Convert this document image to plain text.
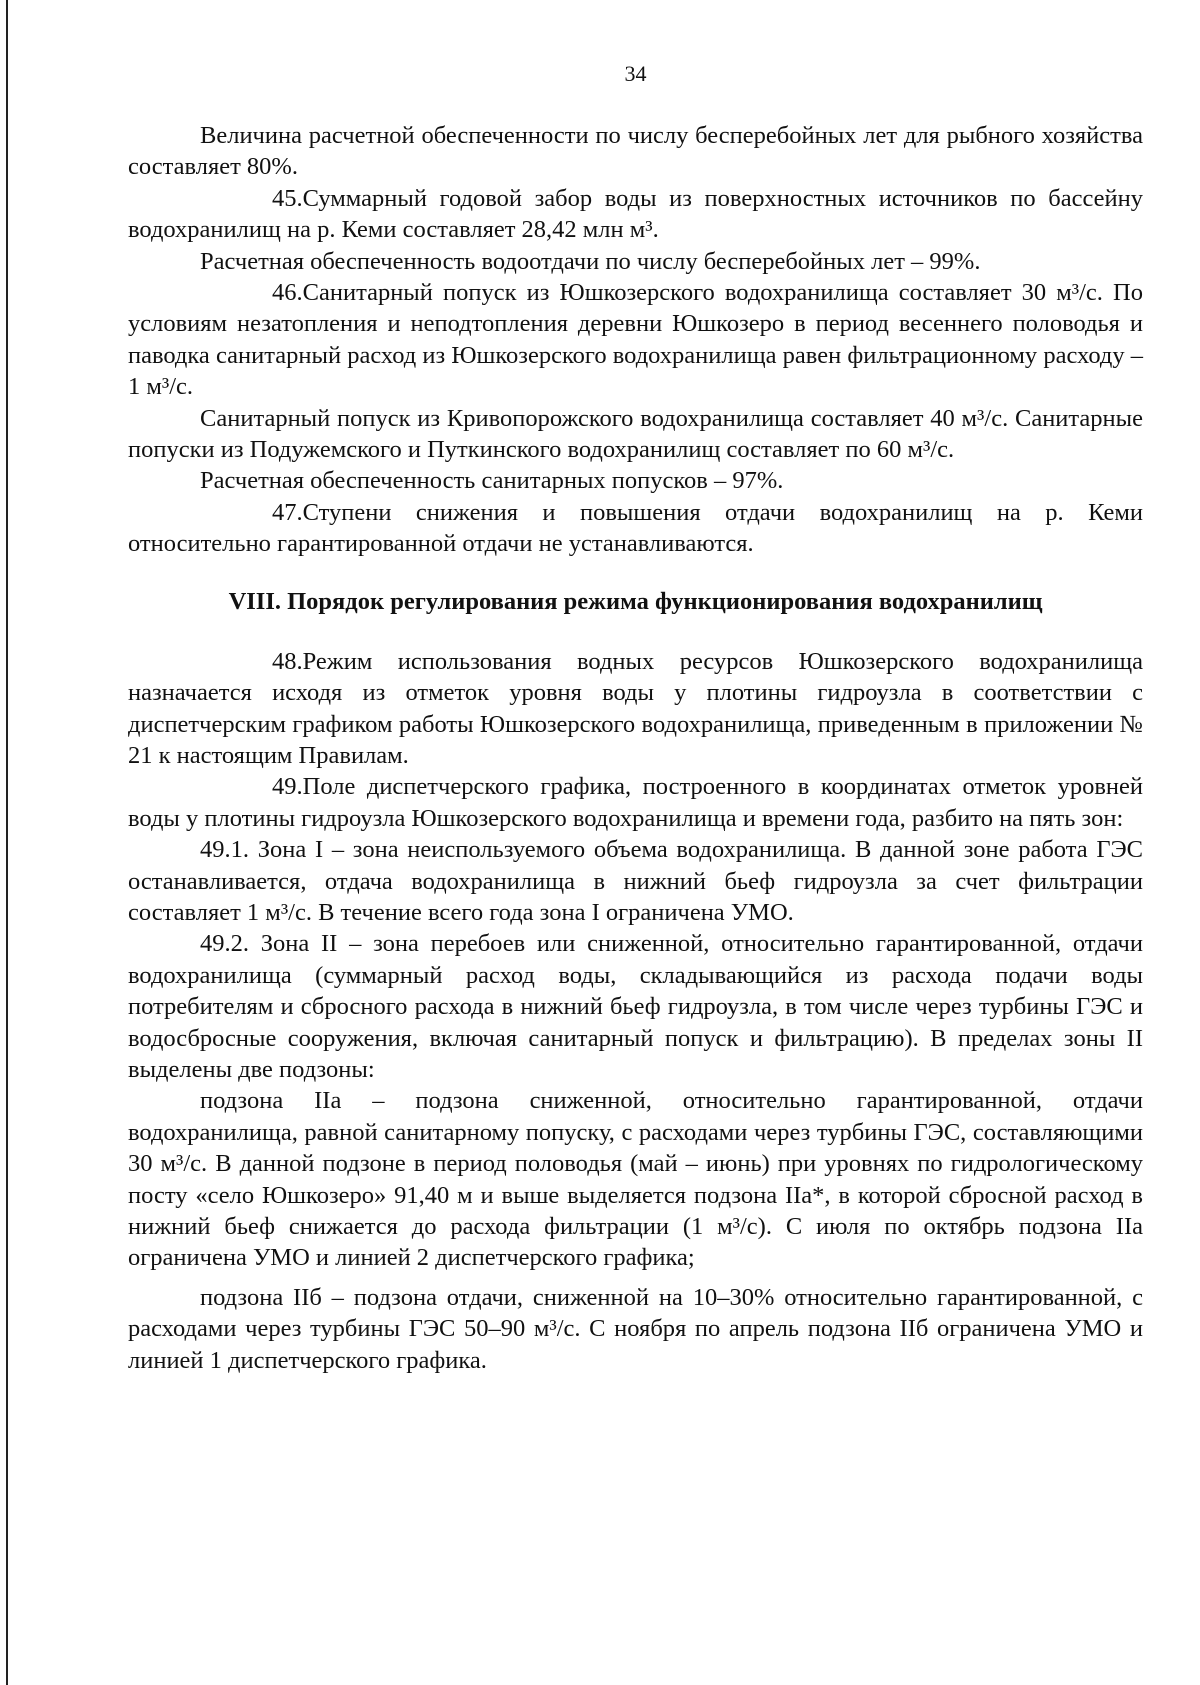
34

Величина расчетной обеспеченности по числу бесперебойных лет для рыбного хозяйства составляет 80%.

45.Суммарный годовой забор воды из поверхностных источников по бассейну водохранилищ на р. Кеми составляет 28,42 млн м³.

Расчетная обеспеченность водоотдачи по числу бесперебойных лет – 99%.

46.Санитарный попуск из Юшкозерского водохранилища составляет 30 м³/с. По условиям незатопления и неподтопления деревни Юшкозеро в период весеннего половодья и паводка санитарный расход из Юшкозерского водохранилища равен фильтрационному расходу – 1 м³/с.

Санитарный попуск из Кривопорожского водохранилища составляет 40 м³/с. Санитарные попуски из Подужемского и Путкинского водохранилищ составляет по 60 м³/с.

Расчетная обеспеченность санитарных попусков – 97%.

47.Ступени снижения и повышения отдачи водохранилищ на р. Кеми относительно гарантированной отдачи не устанавливаются.

VIII. Порядок регулирования режима функционирования водохранилищ

48.Режим использования водных ресурсов Юшкозерского водохранилища назначается исходя из отметок уровня воды у плотины гидроузла в соответствии с диспетчерским графиком работы Юшкозерского водохранилища, приведенным в приложении № 21 к настоящим Правилам.

49.Поле диспетчерского графика, построенного в координатах отметок уровней воды у плотины гидроузла Юшкозерского водохранилища и времени года, разбито на пять зон:

49.1. Зона I – зона неиспользуемого объема водохранилища. В данной зоне работа ГЭС останавливается, отдача водохранилища в нижний бьеф гидроузла за счет фильтрации составляет 1 м³/с. В течение всего года зона I ограничена УМО.

49.2. Зона II – зона перебоев или сниженной, относительно гарантированной, отдачи водохранилища (суммарный расход воды, складывающийся из расхода подачи воды потребителям и сбросного расхода в нижний бьеф гидроузла, в том числе через турбины ГЭС и водосбросные сооружения, включая санитарный попуск и фильтрацию). В пределах зоны II выделены две подзоны:

подзона IIа – подзона сниженной, относительно гарантированной, отдачи водохранилища, равной санитарному попуску, с расходами через турбины ГЭС, составляющими 30 м³/с. В данной подзоне в период половодья (май – июнь) при уровнях по гидрологическому посту «село Юшкозеро» 91,40 м и выше выделяется подзона IIа*, в которой сбросной расход в нижний бьеф снижается до расхода фильтрации (1 м³/с). С июля по октябрь подзона IIа ограничена УМО и линией 2 диспетчерского графика;

подзона IIб – подзона отдачи, сниженной на 10–30% относительно гарантированной, с расходами через турбины ГЭС 50–90 м³/с. С ноября по апрель подзона IIб ограничена УМО и линией 1 диспетчерского графика.
